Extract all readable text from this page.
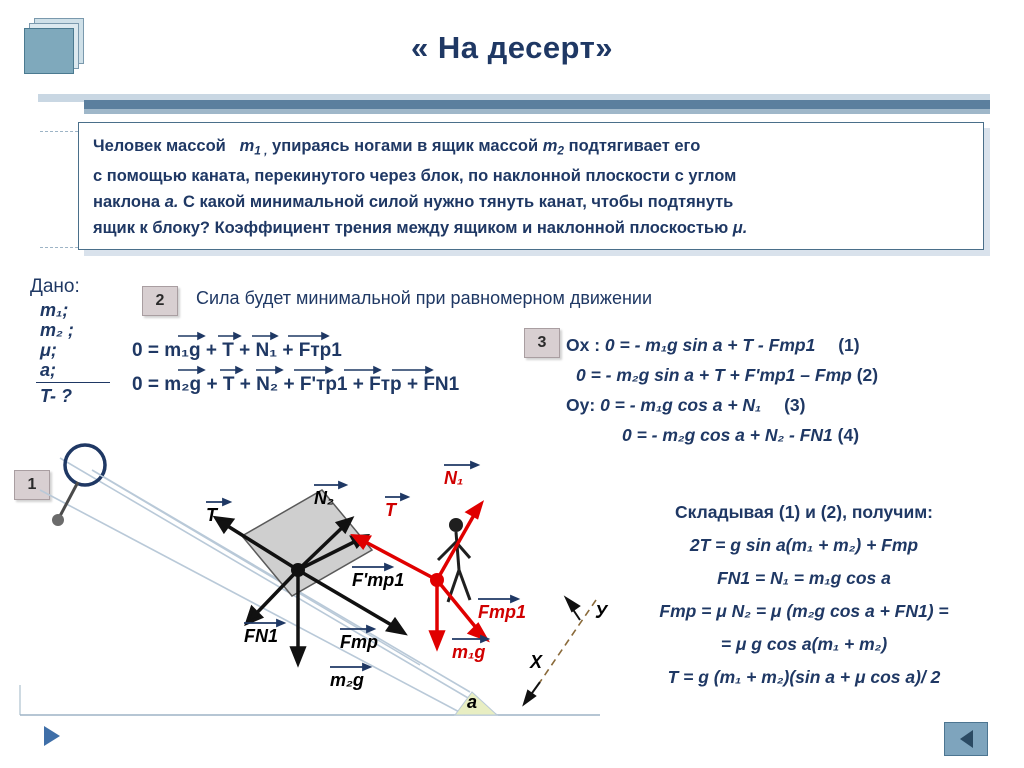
« На десерт»
Человек массой $m_{1 ,}$ упираясь ногами в ящик массой $m_2$ подтягивает его
с помощью каната, перекинутого через блок, по наклонной плоскости с углом
наклона a. С какой минимальной силой нужно тянуть канат, чтобы подтянуть
ящик к блоку? Коэффициент трения между ящиком и наклонной плоскостью μ.
Дано:
m₁;
m₂ ;
μ;
a;
T- ?
1
2
3
Сила будет минимальной при равномерном движении
0 = m₁g + T + N₁ + Fтр1
0 = m₂g + T + N₂ + F'тр1 + Fтр + FN1
Ox : 0 = - m₁g sin a + T - Fтр1 (1)
0 = - m₂g sin a + T + F'тр1 – Fтр (2)
Oy: 0 = - m₁g cos a + N₁ (3)
0 = - m₂g cos a + N₂ - FN1 (4)
Складывая (1) и (2), получим:
2T = g sin a(m₁ + m₂) + Fтр
FN1 = N₁ = m₁g cos a
Fтр = μ N₂ = μ (m₂g cos a + FN1) =
= μ g cos a(m₁ + m₂)
T = g (m₁ + m₂)(sin a + μ cos a)/ 2
T
N₂
T
N₁
F'тр1
Fтр1
FN1	Fтр	m₁g
m₂g
X
У
a
